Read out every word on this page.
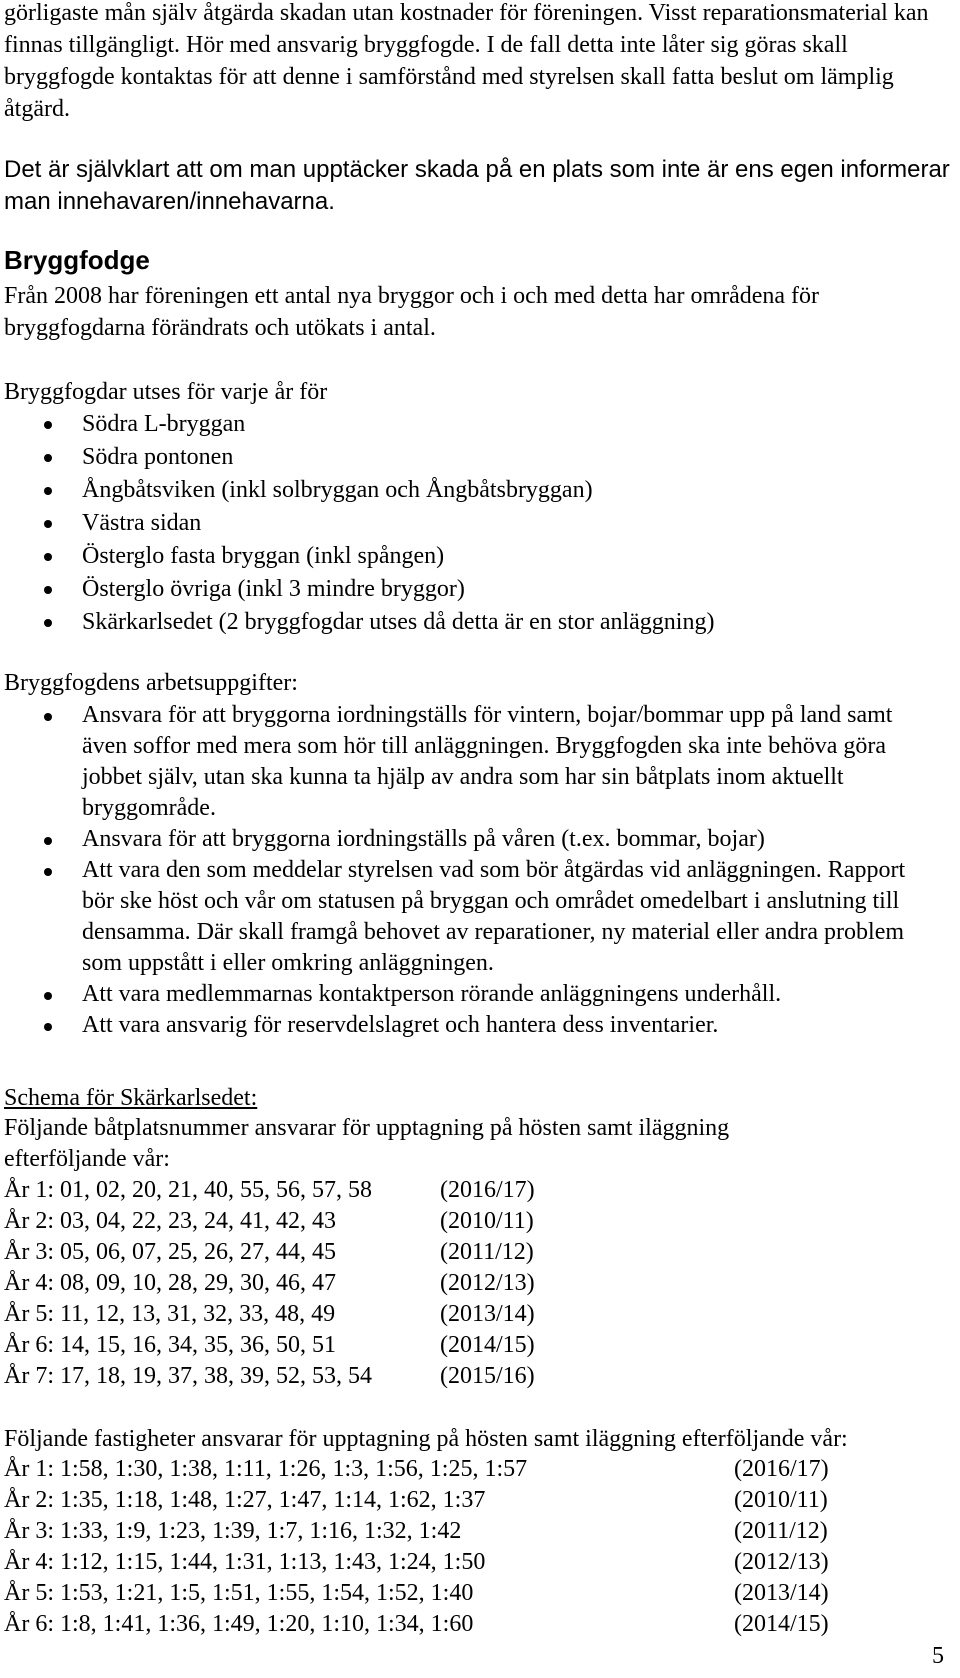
görligaste mån själv åtgärda skadan utan kostnader för föreningen. Visst reparationsmaterial kan finnas tillgängligt. Hör med ansvarig bryggfogde. I de fall detta inte låter sig göras skall bryggfogde kontaktas för att denne i samförstånd med styrelsen skall fatta beslut om lämplig åtgärd.

Det är självklart att om man upptäcker skada på en plats som inte är ens egen informerar man innehavaren/innehavarna.

Bryggfodge

Från 2008 har föreningen ett antal nya bryggor och i och med detta har områdena för bryggfogdarna förändrats och utökats i antal.

Bryggfogdar utses för varje år för

Södra L-bryggan
Södra pontonen
Ångbåtsviken (inkl solbryggan och Ångbåtsbryggan)
Västra sidan
Österglo fasta bryggan (inkl spången)
Österglo övriga (inkl 3 mindre bryggor)
Skärkarlsedet (2 bryggfogdar utses då detta är en stor anläggning)

Bryggfogdens arbetsuppgifter:

Ansvara för att bryggorna iordningställs för vintern, bojar/bommar upp på land samt även soffor med mera som hör till anläggningen. Bryggfogden ska inte behöva göra jobbet själv, utan ska kunna ta hjälp av andra som har sin båtplats inom aktuellt bryggområde.
Ansvara för att bryggorna iordningställs på våren (t.ex. bommar, bojar)
Att vara den som meddelar styrelsen vad som bör åtgärdas vid anläggningen. Rapport bör ske höst och vår om statusen på bryggan och området omedelbart i anslutning till densamma. Där skall framgå behovet av reparationer, ny material eller andra problem som uppstått i eller omkring anläggningen.
Att vara medlemmarnas kontaktperson rörande anläggningens underhåll.
Att vara ansvarig för reservdelslagret och hantera dess inventarier.

Schema för Skärkarlsedet:

Följande båtplatsnummer ansvarar för upptagning på hösten samt iläggning efterföljande vår:

År 1: 01, 02, 20, 21, 40, 55, 56, 57, 58	(2016/17)
År 2: 03, 04, 22, 23, 24, 41, 42, 43	(2010/11)
År 3: 05, 06, 07, 25, 26, 27, 44, 45	(2011/12)
År 4: 08, 09, 10, 28, 29, 30, 46, 47	(2012/13)
År 5: 11, 12, 13, 31, 32, 33, 48, 49	(2013/14)
År 6: 14, 15, 16, 34, 35, 36, 50, 51	(2014/15)
År 7: 17, 18, 19, 37, 38, 39, 52, 53, 54	(2015/16)

Följande fastigheter ansvarar för upptagning på hösten samt iläggning efterföljande vår:

År 1: 1:58, 1:30, 1:38, 1:11, 1:26, 1:3, 1:56, 1:25, 1:57	(2016/17)
År 2: 1:35, 1:18, 1:48, 1:27, 1:47, 1:14, 1:62, 1:37	(2010/11)
År 3: 1:33, 1:9, 1:23, 1:39, 1:7, 1:16, 1:32, 1:42	(2011/12)
År 4: 1:12, 1:15, 1:44, 1:31, 1:13, 1:43, 1:24, 1:50	(2012/13)
År 5: 1:53, 1:21, 1:5, 1:51, 1:55, 1:54, 1:52, 1:40	(2013/14)
År 6: 1:8, 1:41, 1:36, 1:49, 1:20, 1:10, 1:34, 1:60	(2014/15)
5
